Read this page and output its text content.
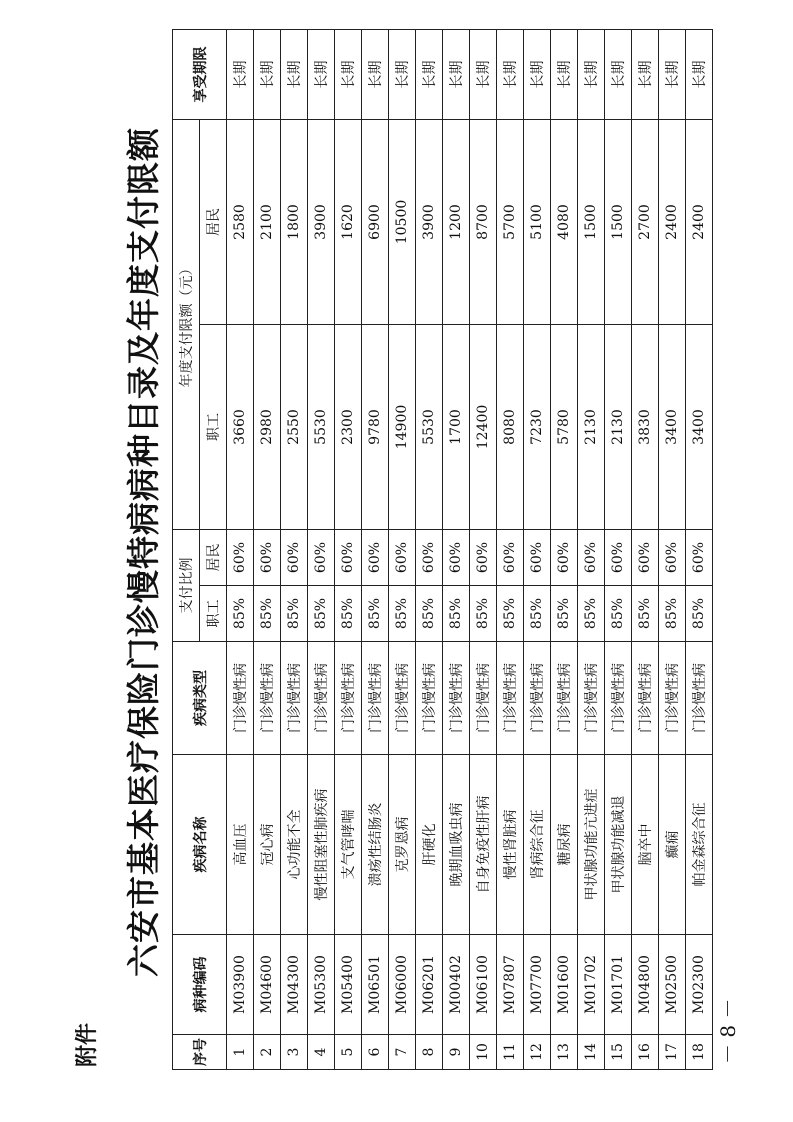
附件
六安市基本医疗保险门诊慢特病病种目录及年度支付限额
序号	病种编码	疾病名称	疾病类型	支付比例		年度支付限额（元）		享受期限
				职工	居民	职工	居民	
1	M03900	高血压	门诊慢性病	85%	60%	3660	2580	长期
2	M04600	冠心病	门诊慢性病	85%	60%	2980	2100	长期
3	M04300	心功能不全	门诊慢性病	85%	60%	2550	1800	长期
4	M05300	慢性阻塞性肺疾病	门诊慢性病	85%	60%	5530	3900	长期
5	M05400	支气管哮喘	门诊慢性病	85%	60%	2300	1620	长期
6	M06501	溃疡性结肠炎	门诊慢性病	85%	60%	9780	6900	长期
7	M06000	克罗恩病	门诊慢性病	85%	60%	14900	10500	长期
8	M06201	肝硬化	门诊慢性病	85%	60%	5530	3900	长期
9	M00402	晚期血吸虫病	门诊慢性病	85%	60%	1700	1200	长期
10	M06100	自身免疫性肝病	门诊慢性病	85%	60%	12400	8700	长期
11	M07807	慢性肾脏病	门诊慢性病	85%	60%	8080	5700	长期
12	M07700	肾病综合征	门诊慢性病	85%	60%	7230	5100	长期
13	M01600	糖尿病	门诊慢性病	85%	60%	5780	4080	长期
14	M01702	甲状腺功能亢进症	门诊慢性病	85%	60%	2130	1500	长期
15	M01701	甲状腺功能减退	门诊慢性病	85%	60%	2130	1500	长期
16	M04800	脑卒中	门诊慢性病	85%	60%	3830	2700	长期
17	M02500	癫痫	门诊慢性病	85%	60%	3400	2400	长期
18	M02300	帕金森综合征	门诊慢性病	85%	60%	3400	2400	长期
－ 8 －
